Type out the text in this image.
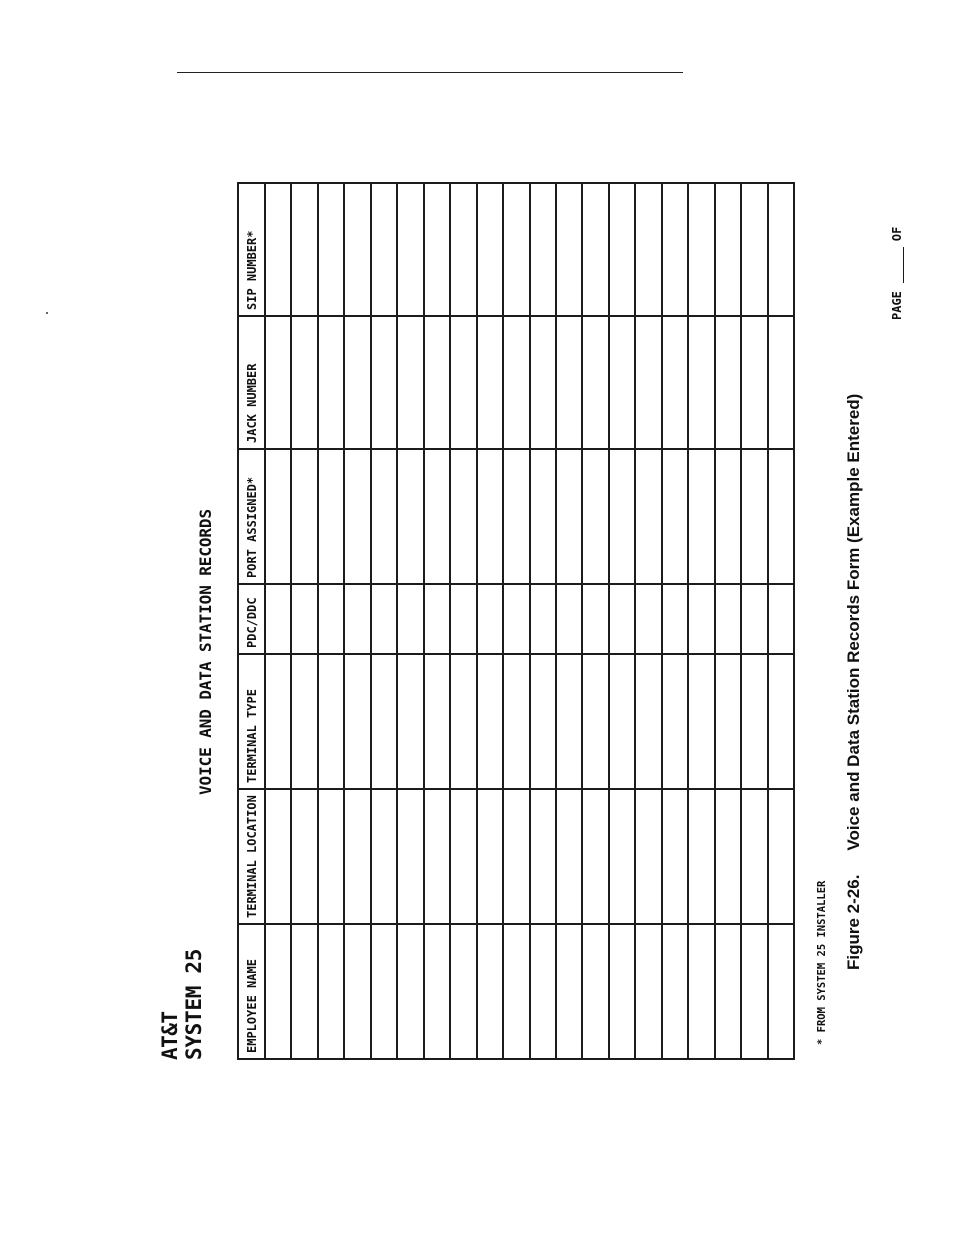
AT&T SYSTEM 25
VOICE AND DATA STATION RECORDS
PAGE
OF
EMPLOYEE NAME
TERMINAL LOCATION
TERMINAL TYPE
PDC/DDC
PORT ASSIGNED*
JACK NUMBER
SIP NUMBER*
* FROM SYSTEM 25 INSTALLER Figure 2-26.Voice and Data Station Records Form (Example Entered)
